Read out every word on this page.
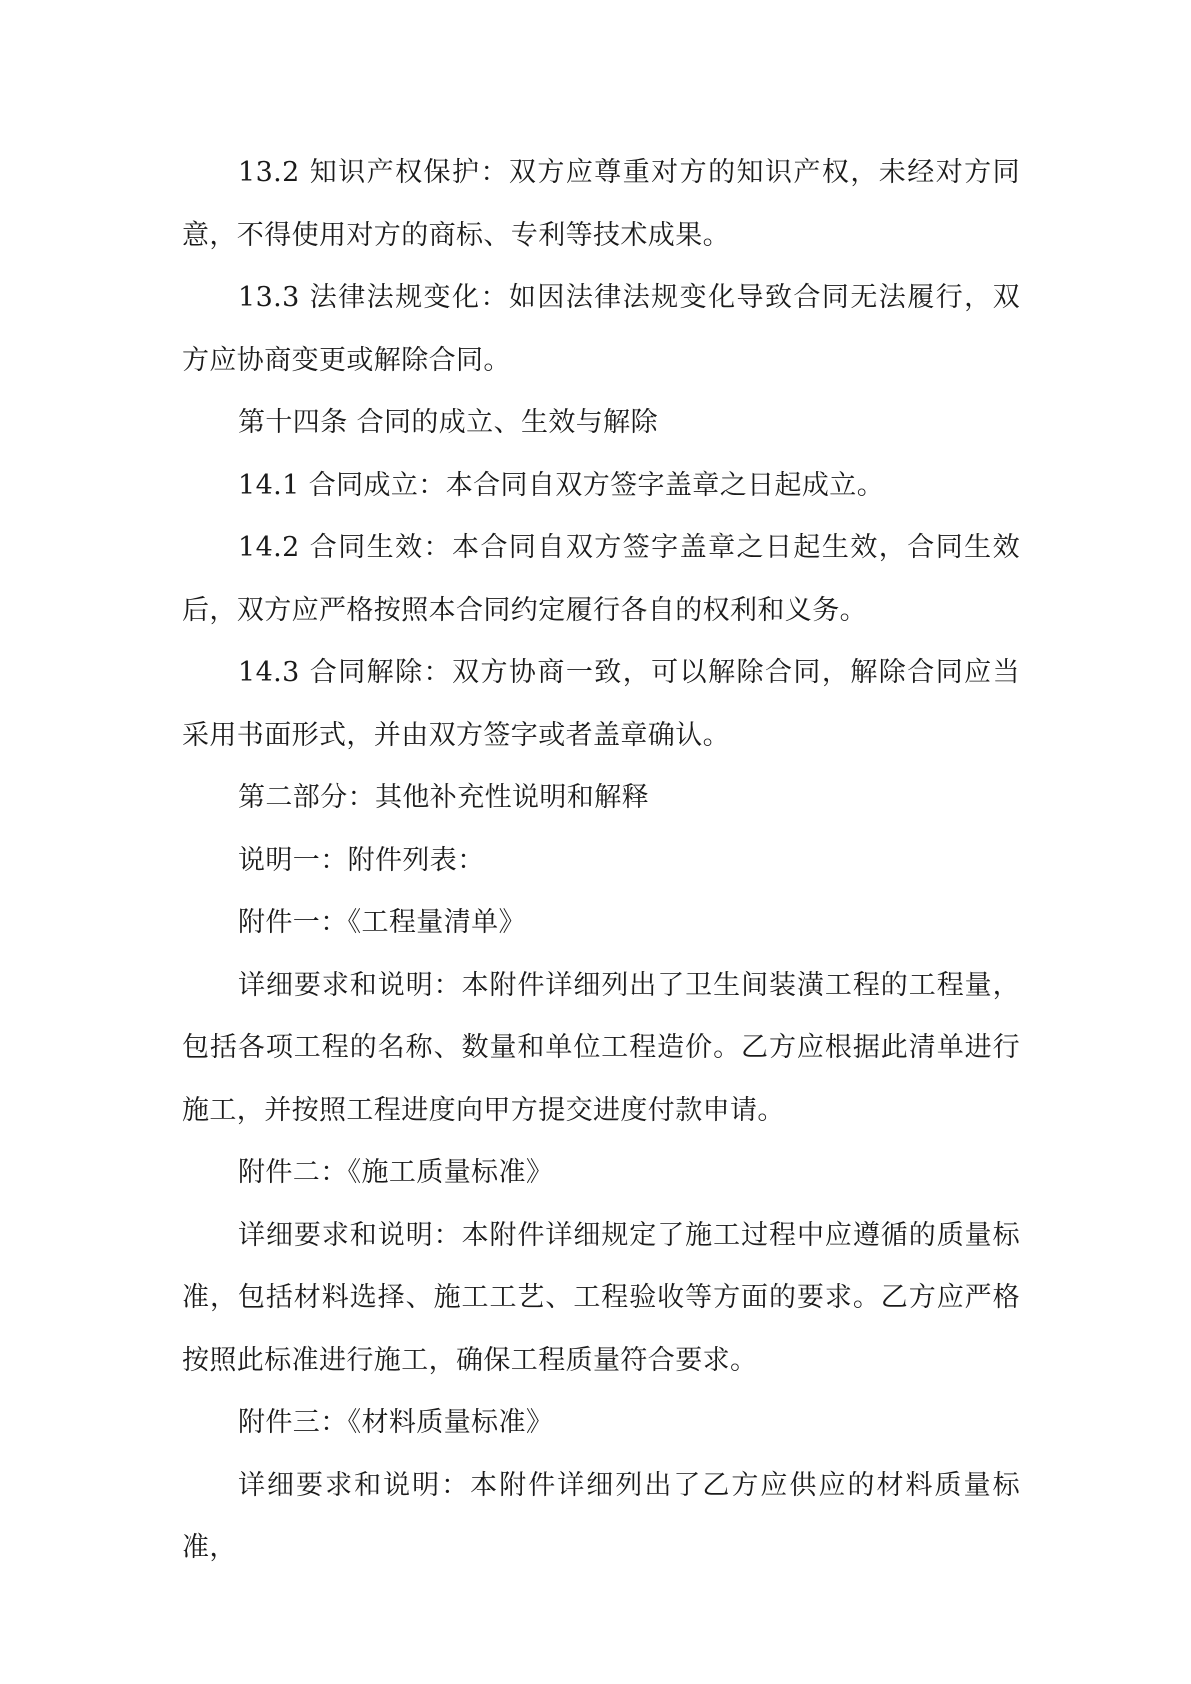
13.2 知识产权保护：双方应尊重对方的知识产权，未经对方同意，不得使用对方的商标、专利等技术成果。

13.3 法律法规变化：如因法律法规变化导致合同无法履行，双方应协商变更或解除合同。

第十四条 合同的成立、生效与解除

14.1 合同成立：本合同自双方签字盖章之日起成立。

14.2 合同生效：本合同自双方签字盖章之日起生效，合同生效后，双方应严格按照本合同约定履行各自的权利和义务。

14.3 合同解除：双方协商一致，可以解除合同，解除合同应当采用书面形式，并由双方签字或者盖章确认。

第二部分：其他补充性说明和解释

说明一：附件列表：

附件一：《工程量清单》

详细要求和说明：本附件详细列出了卫生间装潢工程的工程量，包括各项工程的名称、数量和单位工程造价。乙方应根据此清单进行施工，并按照工程进度向甲方提交进度付款申请。

附件二：《施工质量标准》

详细要求和说明：本附件详细规定了施工过程中应遵循的质量标准，包括材料选择、施工工艺、工程验收等方面的要求。乙方应严格按照此标准进行施工，确保工程质量符合要求。

附件三：《材料质量标准》

详细要求和说明：本附件详细列出了乙方应供应的材料质量标准，
